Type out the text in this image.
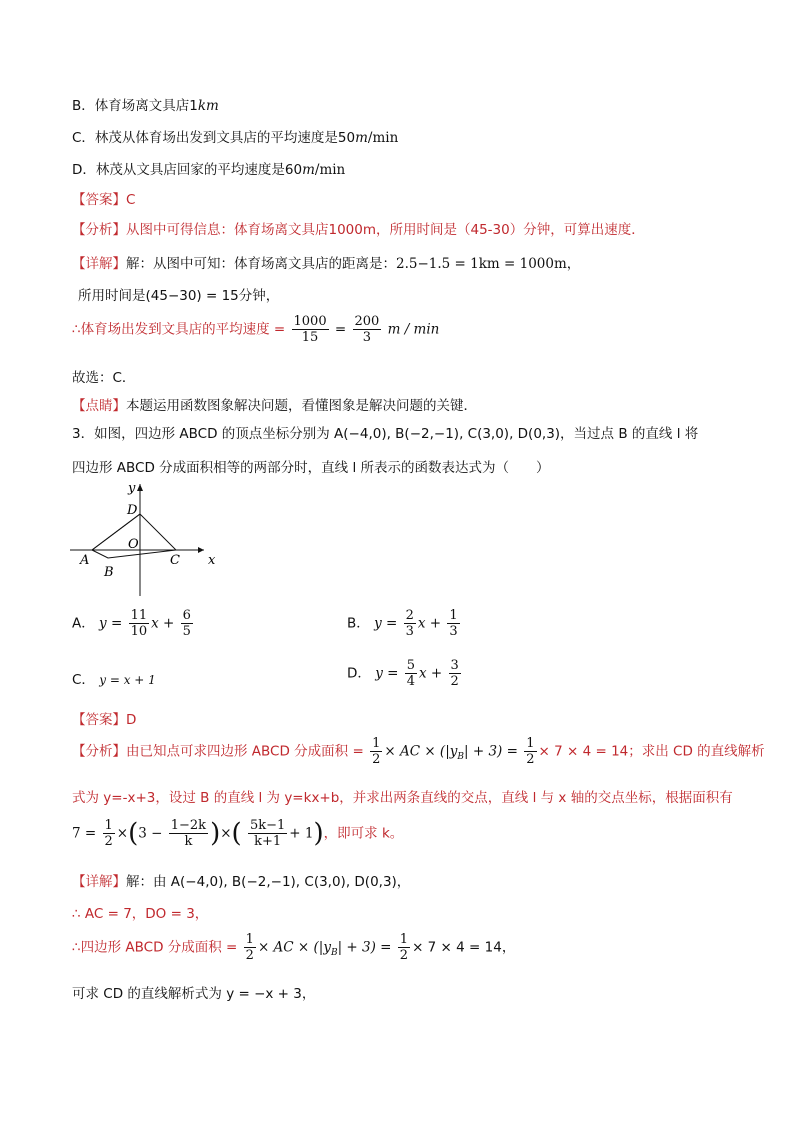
B．体育场离文具店1km
C．林茂从体育场出发到文具店的平均速度是50m/min
D．林茂从文具店回家的平均速度是60m/min
【答案】C
【分析】从图中可得信息：体育场离文具店1000m，所用时间是（45-30）分钟，可算出速度．
【详解】解：从图中可知：体育场离文具店的距离是：2.5−1.5 = 1km = 1000m，
所用时间是(45−30) = 15分钟，
∴体育场出发到文具店的平均速度 = $\frac{1000}{15} = \frac{200}{3}$ m / min
故选：C．
【点睛】本题运用函数图象解决问题，看懂图象是解决问题的关键．
3．如图，四边形 ABCD 的顶点坐标分别为 A(−4,0), B(−2,−1), C(3,0), D(0,3)，当过点 B 的直线 l 将
四边形 ABCD 分成面积相等的两部分时，直线 l 所表示的函数表达式为（　　）
y
x
D
O
A
B
C
A． $y = \frac{11}{10}$ $x + \frac{6}{5}$	B． $y = \frac{2}{3}$ $x + \frac{1}{3}$
C． y = x + 1	D． $y = \frac{5}{4}$ $x + \frac{3}{2}$
【答案】D
【分析】由已知点可求四边形 ABCD 分成面积 = $\frac{1}{2}$ × AC × $(|y_B| + 3) = \frac{1}{2} \times 7 \times 4 = 14$；求出 CD 的直线解析
式为 y=-x+3，设过 B 的直线 l 为 y=kx+b，并求出两条直线的交点，直线 l 与 x 轴的交点坐标，根据面积有
$7 = \frac{1}{2} \times(3 - \frac{1-2k}{k}$ )×( $\frac{5k-1}{k+1} + 1$)，即可求 k。
【详解】解：由 A(−4,0), B(−2,−1), C(3,0), D(0,3)，
∴ AC = 7，DO = 3，
∴四边形 ABCD 分成面积 = $\frac{1}{2}$ × AC × $(|y_B| + 3) = \frac{1}{2} \times 7 \times 4 = 14$，
可求 CD 的直线解析式为 y = −x + 3，
